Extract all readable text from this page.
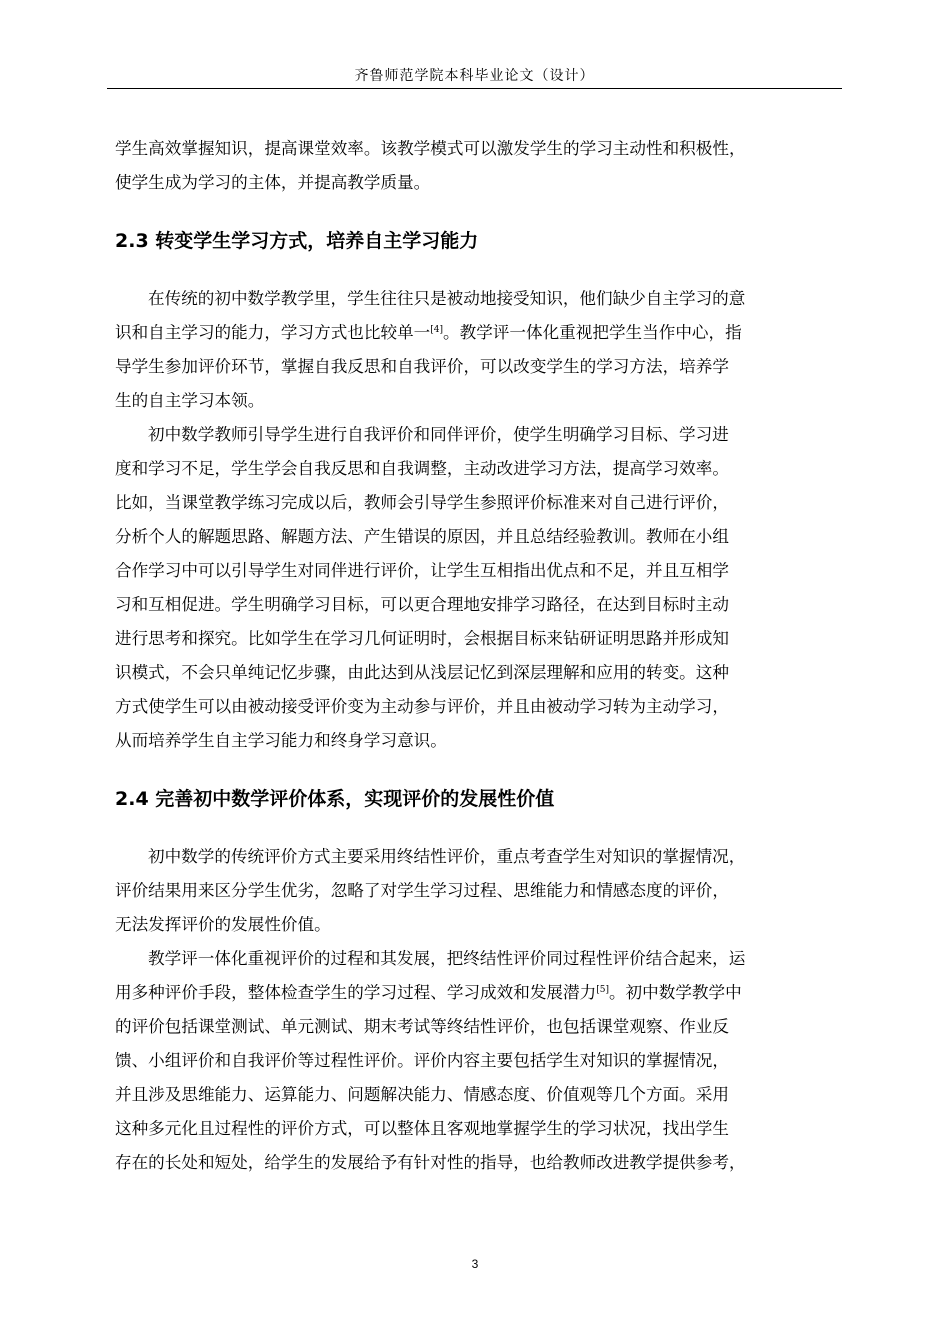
齐鲁师范学院本科毕业论文（设计）
学生高效掌握知识，提高课堂效率。该教学模式可以激发学生的学习主动性和积极性，
使学生成为学习的主体，并提高教学质量。
2.3 转变学生学习方式，培养自主学习能力
在传统的初中数学教学里，学生往往只是被动地接受知识，他们缺少自主学习的意
识和自主学习的能力，学习方式也比较单一[4]。教学评一体化重视把学生当作中心，指
导学生参加评价环节，掌握自我反思和自我评价，可以改变学生的学习方法，培养学
生的自主学习本领。
初中数学教师引导学生进行自我评价和同伴评价，使学生明确学习目标、学习进
度和学习不足，学生学会自我反思和自我调整，主动改进学习方法，提高学习效率。
比如，当课堂教学练习完成以后，教师会引导学生参照评价标准来对自己进行评价，
分析个人的解题思路、解题方法、产生错误的原因，并且总结经验教训。教师在小组
合作学习中可以引导学生对同伴进行评价，让学生互相指出优点和不足，并且互相学
习和互相促进。学生明确学习目标，可以更合理地安排学习路径，在达到目标时主动
进行思考和探究。比如学生在学习几何证明时，会根据目标来钻研证明思路并形成知
识模式，不会只单纯记忆步骤，由此达到从浅层记忆到深层理解和应用的转变。这种
方式使学生可以由被动接受评价变为主动参与评价，并且由被动学习转为主动学习，
从而培养学生自主学习能力和终身学习意识。
2.4 完善初中数学评价体系，实现评价的发展性价值
初中数学的传统评价方式主要采用终结性评价，重点考查学生对知识的掌握情况，
评价结果用来区分学生优劣，忽略了对学生学习过程、思维能力和情感态度的评价，
无法发挥评价的发展性价值。
教学评一体化重视评价的过程和其发展，把终结性评价同过程性评价结合起来，运
用多种评价手段，整体检查学生的学习过程、学习成效和发展潜力[5]。初中数学教学中
的评价包括课堂测试、单元测试、期末考试等终结性评价，也包括课堂观察、作业反
馈、小组评价和自我评价等过程性评价。评价内容主要包括学生对知识的掌握情况，
并且涉及思维能力、运算能力、问题解决能力、情感态度、价值观等几个方面。采用
这种多元化且过程性的评价方式，可以整体且客观地掌握学生的学习状况，找出学生
存在的长处和短处，给学生的发展给予有针对性的指导，也给教师改进教学提供参考，
3
